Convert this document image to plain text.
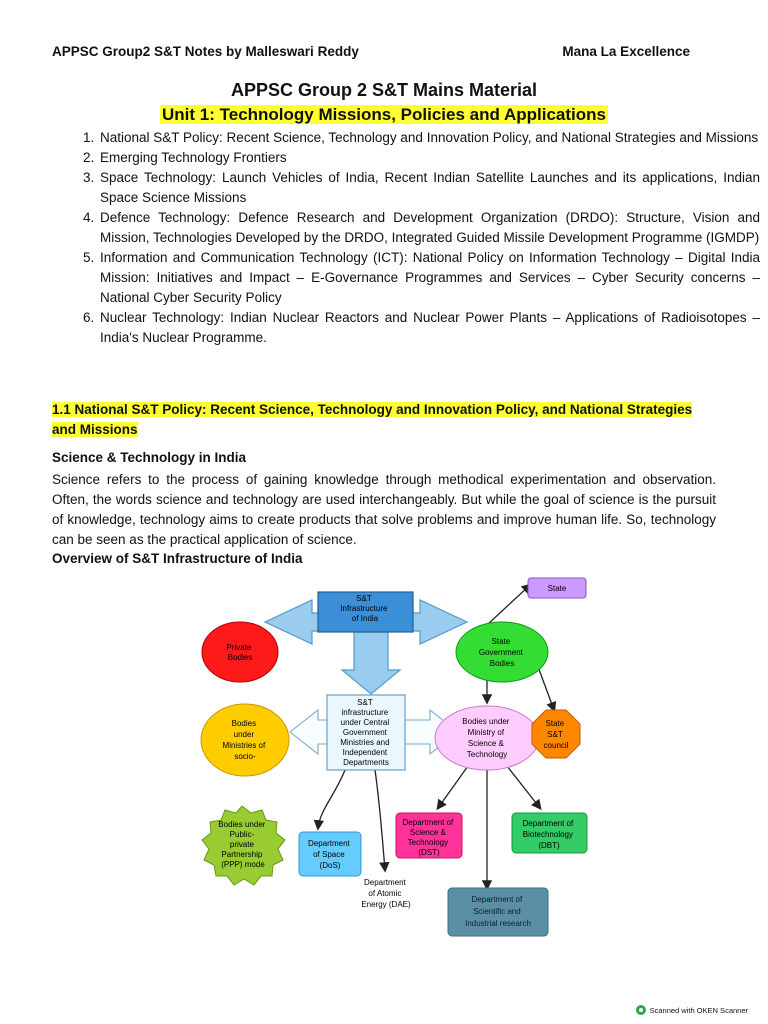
APPSC Group2 S&T Notes by Malleswari Reddy	Mana La Excellence
APPSC Group 2 S&T Mains Material
Unit 1: Technology Missions, Policies and Applications
1. National S&T Policy: Recent Science, Technology and Innovation Policy, and National Strategies and Missions
2. Emerging Technology Frontiers
3. Space Technology: Launch Vehicles of India, Recent Indian Satellite Launches and its applications, Indian Space Science Missions
4. Defence Technology: Defence Research and Development Organization (DRDO): Structure, Vision and Mission, Technologies Developed by the DRDO, Integrated Guided Missile Development Programme (IGMDP)
5. Information and Communication Technology (ICT): National Policy on Information Technology – Digital India Mission: Initiatives and Impact – E-Governance Programmes and Services – Cyber Security concerns – National Cyber Security Policy
6. Nuclear Technology: Indian Nuclear Reactors and Nuclear Power Plants – Applications of Radioisotopes –India's Nuclear Programme.
1.1 National S&T Policy: Recent Science, Technology and Innovation Policy, and National Strategies and Missions
Science & Technology in India

Science refers to the process of gaining knowledge through methodical experimentation and observation. Often, the words science and technology are used interchangeably. But while the goal of science is the pursuit of knowledge, technology aims to create products that solve problems and improve human life. So, technology can be seen as the practical application of science.

Overview of S&T Infrastructure of India
S&T Infrastructure of India
Private Bodies
State Government Bodies
State
S&T infrastructure under Central Government Ministries and Independent Departments
Bodies under Ministries of socio-
Bodies under Ministry of Science & Technology
State S&T council
Bodies under Public- private Partnership (PPP) mode
Department of Space (DoS)
Department of Atomic Energy (DAE)
Department of Science & Technology (DST)
Department of Biotechnology (DBT)
Department of Scientific and Industrial research
Scanned with OKEN Scanner
